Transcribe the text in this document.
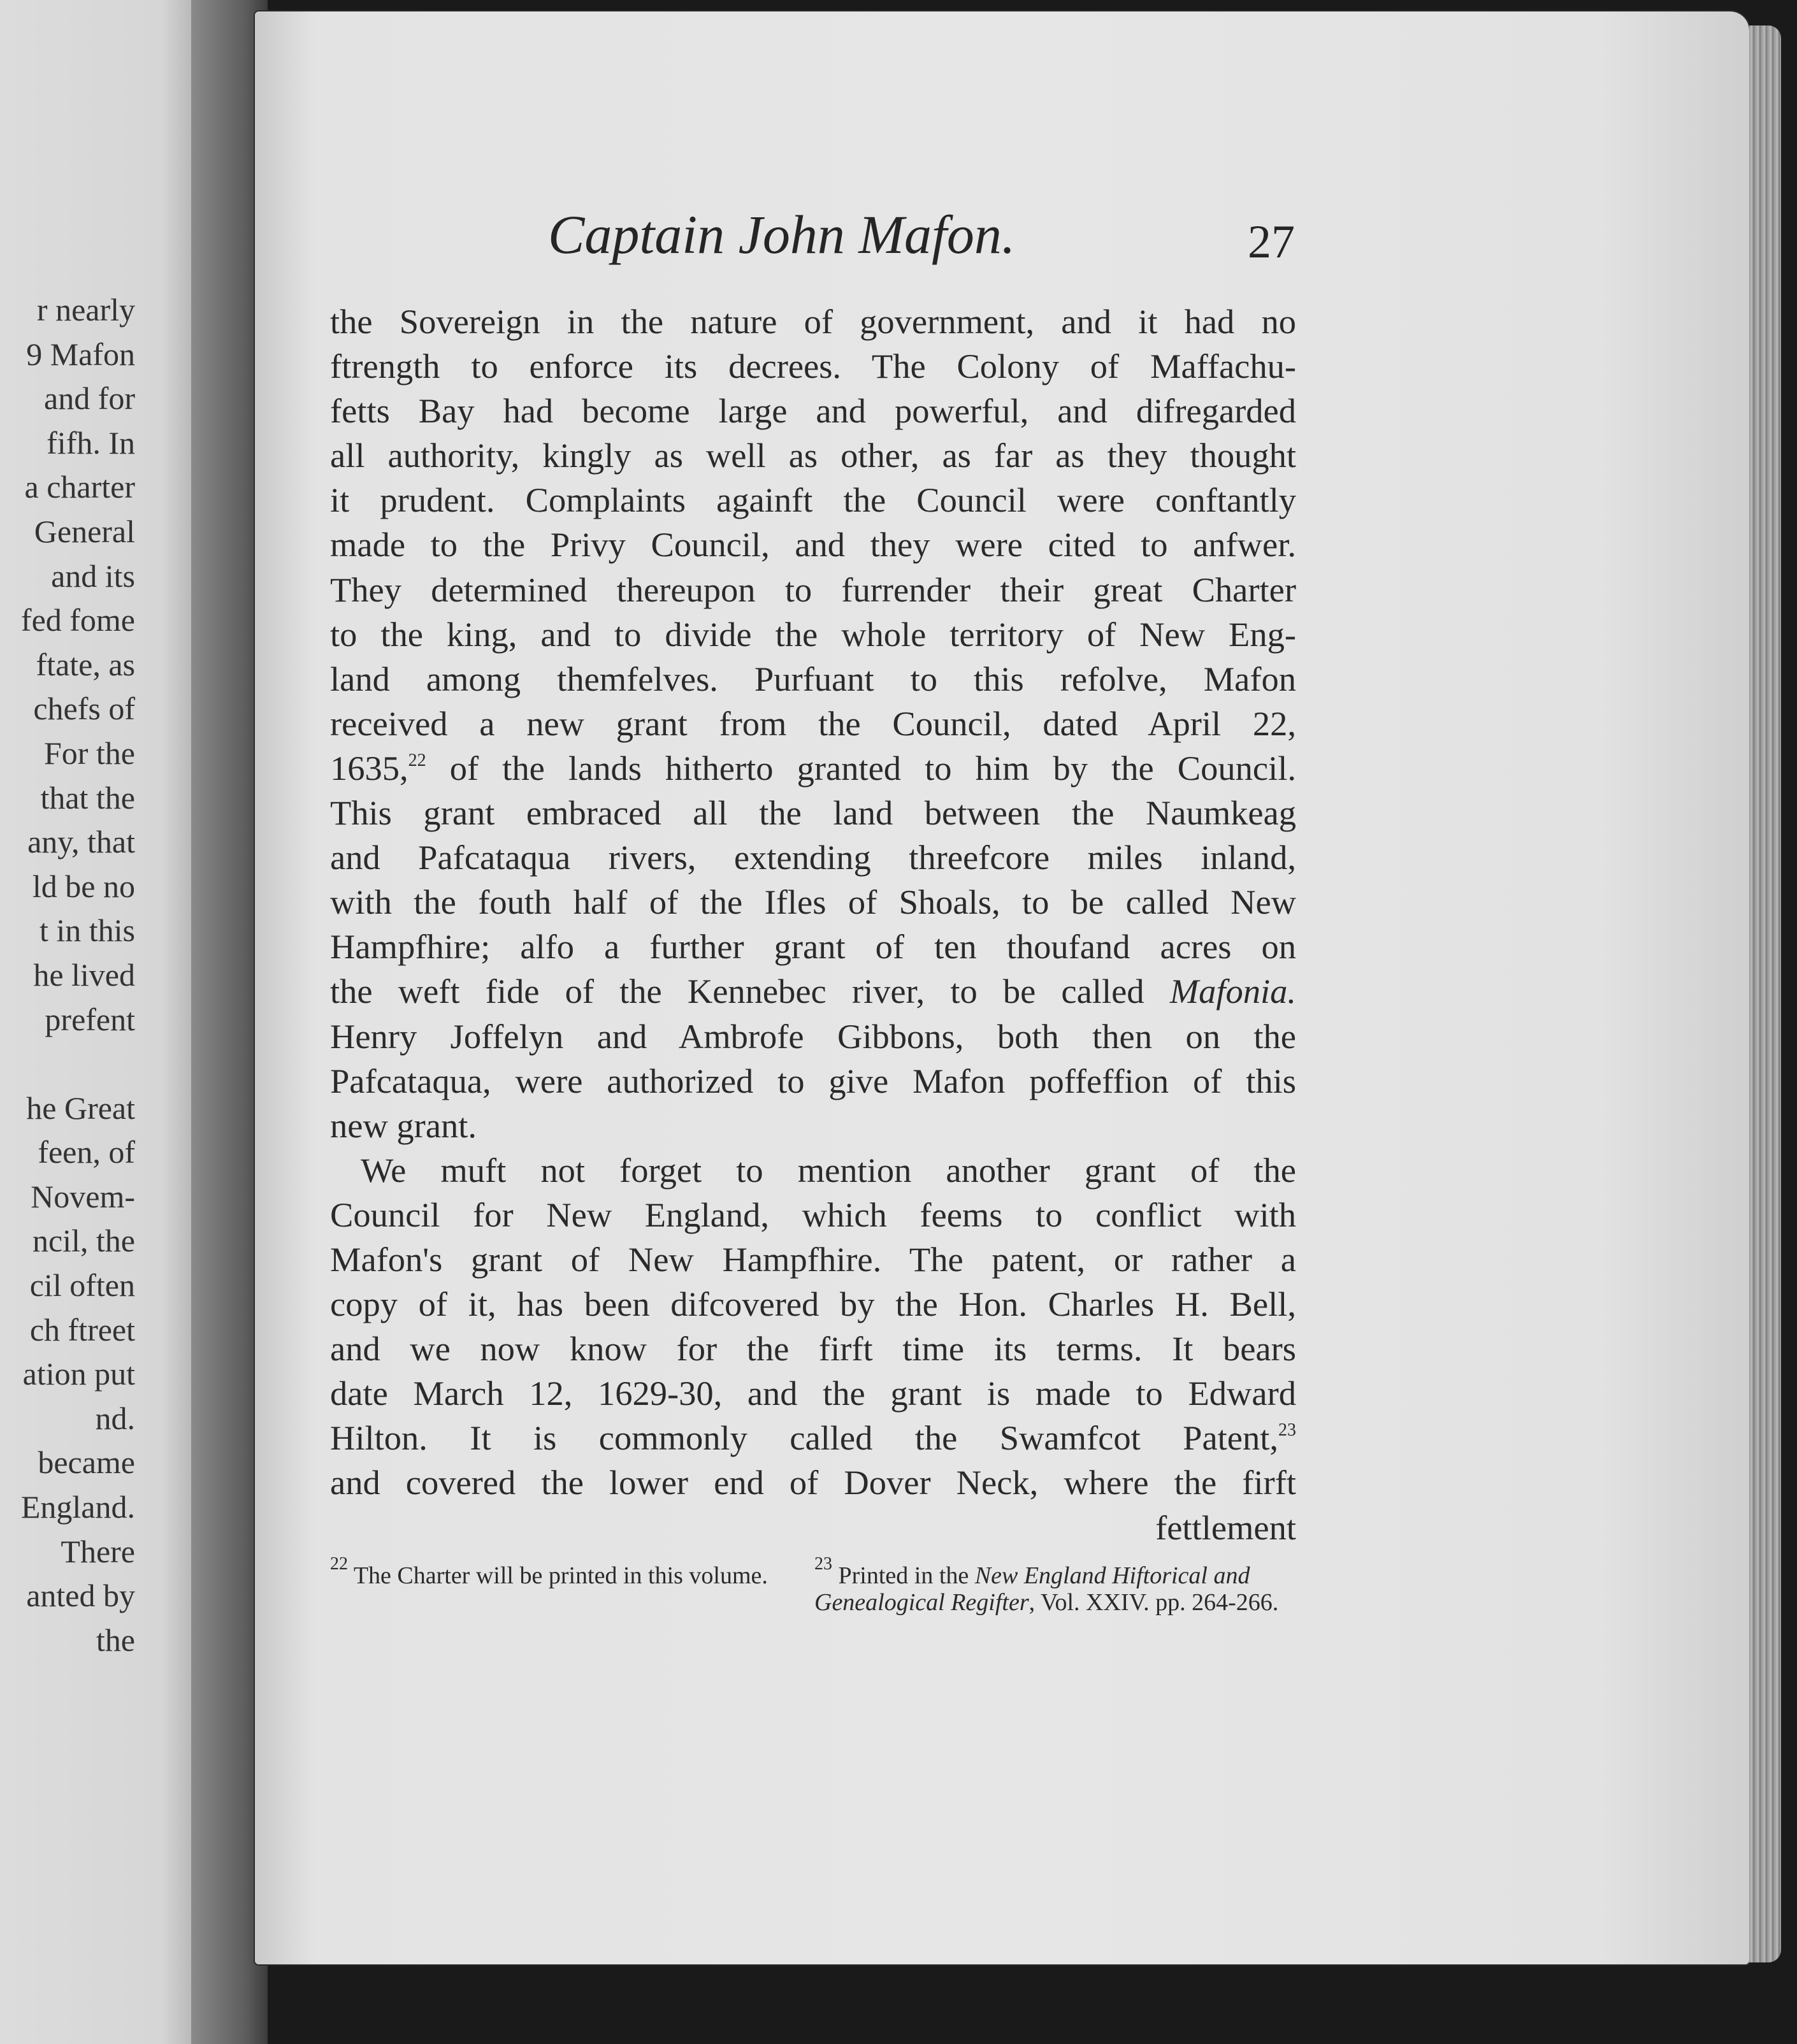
r nearly
9 Mafon
and for
fifh. In
a charter
General
and its
fed fome
ftate, as
chefs of
For the
that the
any, that
ld be no
t in this
he lived
prefent
he Great
feen, of
Novem-
ncil, the
cil often
ch ftreet
ation put
nd.
became
England.
There
anted by
the
Captain John Mafon.	27
the Sovereign in the nature of government, and it had no
ftrength to enforce its decrees. The Colony of Maffachu-
fetts Bay had become large and powerful, and difregarded
all authority, kingly as well as other, as far as they thought
it prudent. Complaints againft the Council were conftantly
made to the Privy Council, and they were cited to anfwer.
They determined thereupon to furrender their great Charter
to the king, and to divide the whole territory of New Eng-
land among themfelves. Purfuant to this refolve, Mafon
received a new grant from the Council, dated April 22,
1635,22 of the lands hitherto granted to him by the Council.
This grant embraced all the land between the Naumkeag
and Pafcataqua rivers, extending threefcore miles inland,
with the fouth half of the Ifles of Shoals, to be called New
Hampfhire; alfo a further grant of ten thoufand acres on
the weft fide of the Kennebec river, to be called Mafonia.
Henry Joffelyn and Ambrofe Gibbons, both then on the
Pafcataqua, were authorized to give Mafon poffeffion of this
new grant.
We muft not forget to mention another grant of the
Council for New England, which feems to conflict with
Mafon's grant of New Hampfhire. The patent, or rather a
copy of it, has been difcovered by the Hon. Charles H. Bell,
and we now know for the firft time its terms. It bears
date March 12, 1629-30, and the grant is made to Edward
Hilton. It is commonly called the Swamfcot Patent,$^{23}$
and covered the lower end of Dover Neck, where the firft
fettlement
$^{22}$ The Charter will be printed in this volume.	$^{23}$ Printed in the New England Hiftorical and Genealogical Regifter, Vol. XXIV. pp. 264-266.
